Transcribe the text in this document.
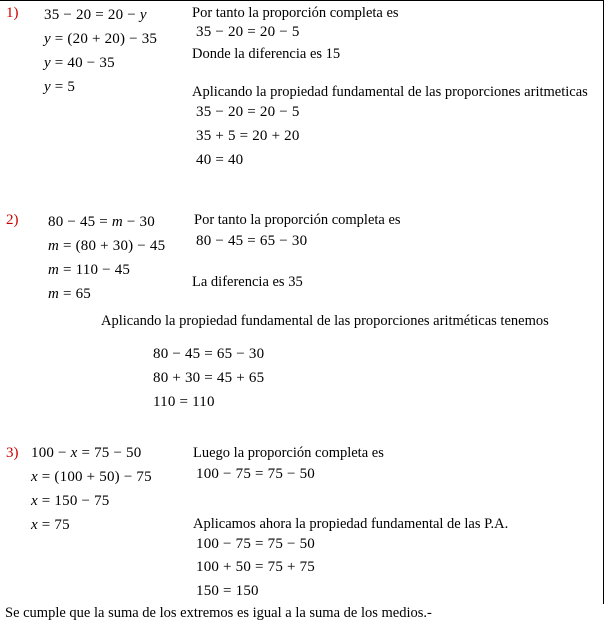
1) 35 − 20 = 20 − y
y = (20 + 20) − 35
y = 40 − 35
y = 5
Por tanto la proporción completa es
35 − 20 = 20 − 5
Donde la diferencia es 15
Aplicando la propiedad fundamental de las proporciones aritmeticas
35 − 20 = 20 − 5
35 + 5 = 20 + 20
40 = 40
2) 80 − 45 = m − 30
m = (80 + 30) − 45
m = 110 − 45
m = 65
Por tanto la proporción completa es
80 − 45 = 65 − 30
La diferencia es 35
Aplicando la propiedad fundamental de las proporciones aritméticas tenemos
80 − 45 = 65 − 30
80 + 30 = 45 + 65
110 = 110
3) 100 − x = 75 − 50
x = (100 + 50) − 75
x = 150 − 75
x = 75
Luego la proporción completa es
100 − 75 = 75 − 50
Aplicamos ahora la propiedad fundamental de las P.A.
100 − 75 = 75 − 50
100 + 50 = 75 + 75
150 = 150
Se cumple que la suma de los extremos es igual a la suma de los medios.-
